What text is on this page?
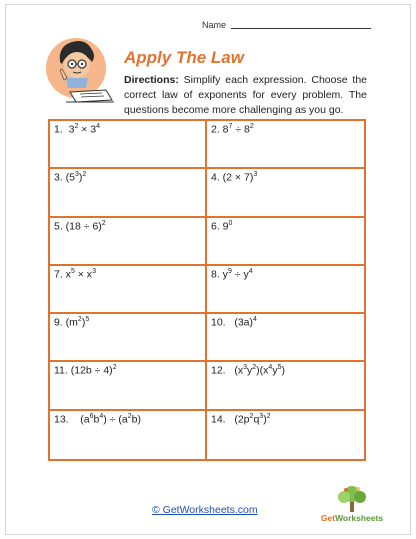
Name
Apply The Law
Directions: Simplify each expression. Choose the correct law of exponents for every problem. The questions become more challenging as you go.
1.  $3^2 \times 3^4$	2. $8^7 \div 8^2$
3. $(5^3)^2$	4. $(2 \times 7)^3$
5. $(18 \div 6)^2$	6. $9^0$
7. $x^5 \times x^3$	8. $y^9 \div y^4$
9. $(m^2)^5$	10.   $(3a)^4$
11. $(12b \div 4)^2$	12.   $(x^3y^2)(x^4y^5)$
13.    $(a^6b^4) \div (a^2b)$	14.   $(2p^2q^3)^2$
© GetWorksheets.com
GetWorksheets
